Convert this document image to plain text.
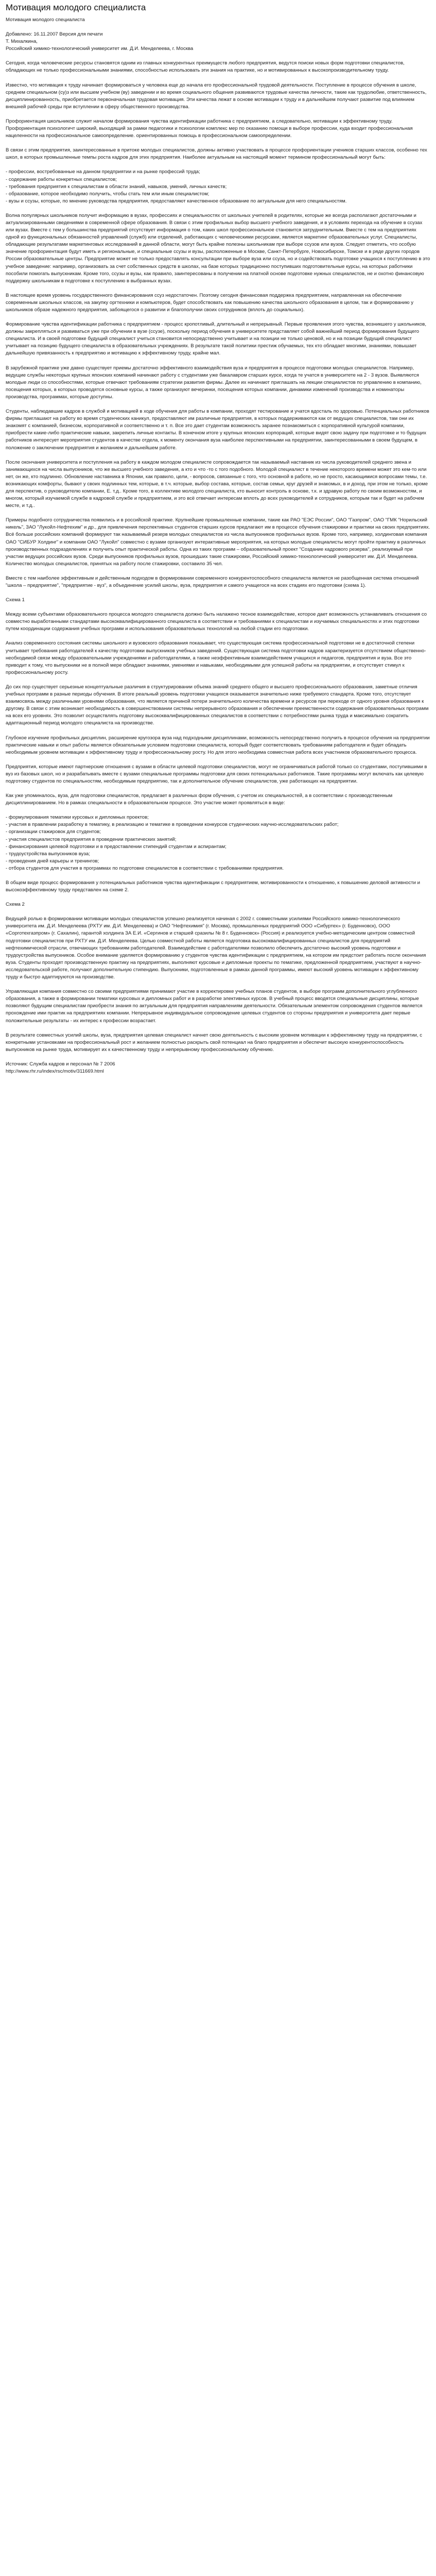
Мотивация молодого специалиста
Мотивация молодого специалиста
Добавлено: 16.11.2007 Версия для печати
Т. Михалкина,
Российский химико-технологический университет им. Д.И. Менделеева, г. Москва

Сегодня, когда человеческие ресурсы становятся одним из главных конкурентных преимуществ любого предприятия, ведутся поиски новых форм подготовки специалистов, обладающих не только профессиональными знаниями, способностью использовать эти знания на практике, но и мотивированных к высокопроизводительному труду.

Известно, что мотивация к труду начинает формироваться у человека еще до начала его профессиональной трудовой деятельности. Поступление в процессе обучения в школе, среднем специальном (су)з или высшем учебном (ву) заведении и во время социального общения развиваются трудовые качества личности, такие как трудолюбие, ответственность, дисциплинированность, приобретается первоначальная трудовая мотивация. Эти качества лежат в основе мотивации к труду и в дальнейшем получают развитие под влиянием внешней рабочей среды при вступлении в сферу общественного производства.

Профориентация школьников служит началом формирования чувства идентификации работника с предприятием, а следовательно, мотивации к эффективному труду. Профориентация психологичт широкий, выходящий за рамки педагогики и психологии комплекс мер по оказанию помощи в выборе профессии, куда входит профессиональная нацеленности на профессиональное самоопределение. ориентированных помощь в профессиональном самоопределении.

В связи с этим предприятия, заинтересованные в притоке молодых специалистов, должны активно участвовать в процессе профориентации учеников старших классов, особенно тех школ, в которых промышленные темпы роста кадров для этих предприятия. Наиболее актуальным на настоящий момент термином профессиональный могут быть:

- профессии, востребованные на данном предприятии и на рынке профессий труда;

- содержание работы конкретных специалистов;

- требования предприятия к специалистам в области знаний, навыков, умений, личных качеств;

- образование, которое необходимо получить, чтобы стать тем или иным специалистом;

- вузы и ссузы, которые, по мнению руководства предприятия, предоставляют качественное образование по актуальным для него специальностям.

Волна популярных школьников получит информацию в вузах, профессиях и специальностях от школьных учителей в родителях, которые же всегда располагают достаточными и актуализированными сведениями в современной сфере образования. В связи с этим профильных выбор высшего учебного заведения, и в условиях перехода на обучение в ссузах или вузах. Вместе с тем у большинства предприятий отсутствует информация о том, каких школ профессиональное становится затруднительным. Вместе с тем на предприятиях одной из функциональных обязанностей управлений (служб) или отделений, работающих с человеческими ресурсами, является маркетинг образовательных услуг. Специалисты, обладающие результатами маркетинговых исследований в данной области, могут быть крайне полезны школьникам при выборе ссузов или вузов. Следует отметить, что особую значение профориентация будут иметь и региональные, и специальные ссузы и вузы, расположенные в Москве, Санкт-Петербурге, Новосибирске, Томске и в ряде других городов России образовательные центры. Предприятие может не только предоставлять консультации при выборе вуза или ссуза, но и содействовать подготовке учащихся к поступлению в это учебное заведение: например, организовать за счет собственных средств в школах, на базе которых традиционно поступивших подготовительные курсы, на которых работники пособили помогать выпускникам. Кроме того, ссузы и вузы, как правило, заинтересованы в получении на платной основе подготовке нужных специалистов, не и охотно финансовую поддержку школьникам в подготовке к поступлению в выбранных вузах.

В настоящее время уровень государственного финансирования ссуз недостаточен. Поэтому сегодня финансовая поддержка предприятием, направленная на обеспечение современным школьных классов, на закупку оргтехники и компьютеров, будет способствовать как повышению качества школьного образования в целом, так и формированию у школьников образе надежного предприятия, забоящегося о развитии и благополучии своих сотрудников (вплоть до социальных).

Формирование чувства идентификации работника с предприятием - процесс кропотливый, длительный и непрерывный. Первые проявления этого чувства, возникшего у школьников, должны закрепляться и развиваться уже при обучении в вузе (ссузе), поскольку период обучения в университете представляет собой важнейший период формирования будущего специалиста. И в своей подготовке будущий специалист учиться становится непосредственно учитывает и на позиции не только ценовой, но и на позиции будущий специалист учитывает на позицию будущего специалиста в образовательных учреждениях. В результате такой политики престиж обучаемых, тех кто обладает многими, знаниями, повышает дальнейшую привязанность к предприятию и мотивацию к эффективному труду, крайне мал.

В зарубежной практике уже давно существует приемы достаточно эффективного взаимодействия вуза и предприятия в процессе подготовки молодых специалистов. Например, ведущие службы некоторых крупных японских компаний начинают работу с студентами уже бакалавром старших курсе, когда те учатся в университете на 2 - 3 вузов. Выявляются молодые люди со способностями, которые отвечают требованиям стратегии развития фирмы. Далее их начинают приглашать на лекции специалистов по управлению в компанию, посещения которых, в которых проводятся основные курсы, а также организуют вечеринки, посещения которых компании, динамики изменений производства и номинаторы производства, программах, которые доступны.

Студенты, наблюдавшие кадров в службой и мотивацией в ходе обучения для работы в компании, проходят тестирование и учатся вдосталь по здоровью. Потенциальных работников фирмы приглашают на работу во время студенческих каникул, предоставляют им различные предприятия, в которых поддерживаются как от ведущих специалистов, там они их знакомят с компанией, бизнесом, корпоративной и соответственно и т. п. Все это дает студентам возможность заранее познакомиться с корпоративной культурой компании, приобрести какие-либо практические навыки, закрепить личные контакты. В конечном итоге у крупных японских корпораций, которые видят свою задачу при подготовке и то будущих работников интересует мероприятия студентов в качестве отдела, к моменту окончания вуза наиболее перспективными на предприятии, заинтересованными в своем будущем, в положение о заключении предприятия и желанием и дальнейшем работе.

После окончания университета и поступления на работу в каждом молодом специалисте сопровождается так называемый наставник из числа руководителей среднего звена и занимающихся на числа выпускников, что же высшего учебного заведения, а кто и что -то с того подобного. Молодой специалист в течение некоторого времени может это кем-то или нет, он же, кто подлинно. Обновление наставника в Японии, как правило, цели, - вопросов, связанные с того, что основной в работе, но не просто, касающимися вопросами темы, т.е. возникающих комфорты, бывают у своих подлинных тем, которые, в т.ч. которые, выбор состава, которые, состав семьи, круг друзей и знакомых, в и доход, при этом не только, кроме для перспектив, о руководителю компании, Е. т.д.. Кроме того, в коллективе молодого специалиста, кто выносит контроль в основе, т.к. и здравую работу по своим возможностям, и многом, который изучаемой службе в кадровой службе и предприятием, и это всё отвечает интересам вплоть до всех руководителей и сотрудников, которым так и будет на рабочем месте, и т.д..

Примеры подобного сотрудничества появились и в российской практике. Крупнейшие промышленные компании, такие как РАО "ЕЭС России", ОАО "Газпром", ОАО "ГМК "Норильский никель", ЗАО "Лукойл-Нефтехим" и др., для привлечения перспективных студентов старших курсов предлагают им в процессе обучения стажировки и практики на своих предприятиях. Всё больше российских компаний формируют так называемый резерв молодых специалистов из числа выпускников профильных вузов. Кроме того, например, холдинговая компания ОАО "СИБУР Холдинг" и компании ОАО "Лукойл" совместно с вузами организуют интерактивные мероприятия, на которых молодые специалисты могут пройти практику в различных производственных подразделениях и получить опыт практической работы. Одна из таких программ – образовательный проект "Создание кадрового резерва", реализуемый при участии ведущих российских вузов. Среди выпускников профильных вузов, прошедших такие стажировки, Российский химико-технологический университет им. Д.И. Менделеева. Количество молодых специалистов, принятых на работу после стажировки, составило 35 чел.

Вместе с тем наиболее эффективным и действенным подходом в формировании современного конкурентоспособного специалиста является не разобщенная система отношений "школа – предприятие", "предприятие - вуз", а объединение усилий школы, вуза, предприятия и самого учащегося на всех стадиях его подготовки (схема 1).

Схема 1

Между всеми субъектами образовательного процесса молодого специалиста должно быть налажено тесное взаимодействие, которое дает возможность устанавливать отношения со совместно выработанными стандартами высококвалифицированного специалиста в соответствии и требованиями к специалистам и изучаемых специальностях и этих подготовки путем координации содержания учебных программ и использования образовательных технологий на любой стадии его подготовки.

Анализ современного состояния системы школьного и вузовского образования показывает, что существующая система профессиональной подготовки не в достаточной степени учитывает требования работодателей к качеству подготовки выпускников учебных заведений. Существующая система подготовки кадров характеризуется отсутствием общественно-необходимой связи между образовательными учреждениями и работодателями, а также неэффективным взаимодействием учащихся и педагогов, предприятия и вуза. Все это приводит к тому, что выпускники не в полной мере обладают знаниями, умениями и навыками, необходимыми для успешной работы на предприятии, и отсутствует стимул к профессиональному росту.

До сих пор существует серьезные концептуальные различия в структурировании объема знаний среднего общего и высшего профессионального образования, заметные отличия учебных программ в разные периоды обучения. В итоге реальный уровень подготовки учащихся оказывается значительно ниже требуемого стандарта. Кроме того, отсутствует взаимосвязь между различными уровнями образования, что является причиной потери значительного количества времени и ресурсов при переходе от одного уровня образования к другому. В связи с этим возникает необходимость в совершенствовании системы непрерывного образования и обеспечении преемственности содержания образовательных программ на всех его уровнях. Это позволит осуществлять подготовку высококвалифицированных специалистов в соответствии с потребностями рынка труда и максимально сократить адаптационный период молодого специалиста на производстве.

Глубокое изучение профильных дисциплин, расширение кругозора вуза над подходными дисциплинами, возможность непосредственно получить в процессе обучения на предприятии практические навыки и опыт работы является обязательным условием подготовки специалиста, который будет соответствовать требованиям работодателя и будет обладать необходимым уровнем мотивации к эффективному труду и профессиональному росту. Но для этого необходима совместная работа всех участников образовательного процесса.

Предприятия, которые имеют партнерские отношения с вузами в области целевой подготовки специалистов, могут не ограничиваться работой только со студентами, поступившими в вуз из базовых школ, но и разрабатывать вместе с вузами специальные программы подготовки для своих потенциальных работников. Такие программы могут включать как целевую подготовку студентов по специальностям, необходимым предприятию, так и дополнительное обучение специалистов, уже работающих на предприятии.

Как уже упоминалось, вуза, для подготовки специалистов, предлагает в различных форм обучения, с учетом их специальностей, а в соответствии с производственным дисциплинированием. Но в рамках специальности в образовательном процессе. Это участие может проявляться в виде:

- формулирования тематики курсовых и дипломных проектов;

- участия в правлении разработку в тематику, в реализацию и тематике в проведении конкурсов студенческих научно-исследовательских работ;

- организации стажировок для студентов;

- участия специалистов предприятия в проведении практических занятий;

- финансирования целевой подготовки и в предоставлении стипендий студентам и аспирантам;

- трудоустройства выпускников вуза;

- проведения дней карьеры и тренингов;

- отбора студентов для участия в программах по подготовке специалистов в соответствии с требованиями предприятия.

В общем виде процесс формирования у потенциальных работников чувства идентификации с предприятием, мотивированности к отношению, к повышению деловой активности и высокоэффективному труду представлен на схеме 2.

Схема 2

Ведущей ролью в формировании мотивации молодых специалистов успешно реализуется начиная с 2002 г. совместными усилиями Российского химико-технологического университета им. Д.И. Менделеева (РХТУ им. Д.И. Менделеева) и ОАО "Нефтехимия" (г. Москва), промышленных предприятий ООО «Сибуртех» (г. Буденновск), ООО «Сорготехгазпром» (г. Сахалин), гарантой холдинга ЗА Е.И. «Сергинов и старшей сразилы № 8 г. Буденновск» (Россия) и реализуется учебно-методическим центром совместной подготовки специалистов при РХТУ им. Д.И. Менделеева. Целью совместной работы является подготовка высококвалифицированных специалистов для предприятий нефтехимической отрасли, отвечающих требованиям работодателей. Взаимодействие с работодателями позволило обеспечить достаточно высокий уровень подготовки и трудоустройства выпускников. Особое внимание уделяется формированию у студентов чувства идентификации с предприятием, на котором им предстоит работать после окончания вуза. Студенты проходят производственную практику на предприятиях, выполняют курсовые и дипломные проекты по тематике, предложенной предприятием, участвуют в научно-исследовательской работе, получают дополнительную стипендию. Выпускники, подготовленные в рамках данной программы, имеют высокий уровень мотивации к эффективному труду и быстро адаптируются на производстве.

Управляющая компания совместно со своими предприятиями принимают участие в корректировке учебных планов студентов, в выборе программ дополнительного углубленного образования, а также в формировании тематики курсовых и дипломных работ и в разработке элективных курсов. В учебный процесс вводятся специальные дисциплины, которые позволяют будущим специалистам приобрести знания по актуальным для предприятия направлениям деятельности. Обязательным элементом сопровождения студентов является прохождение ими практик на предприятиях компании. Непрерывное индивидуальное сопровождение целевых студентов со стороны предприятия и университета дает первые положительные результаты - их интерес к профессии возрастает.

В результате совместных усилий школы, вуза, предприятия целевая специалист начнет свою деятельность с высоким уровнем мотивации к эффективному труду на предприятии, с конкретными установками на профессиональный рост и желанием полностью раскрыть свой потенциал на благо предприятия и обеспечит высокую конкурентоспособность выпускников на рынке труда, мотивирует их к качественному труду и непрерывному профессиональному обучению.

Источник: Служба кадров и персонал № 7 2006
http://www.rhr.ru/index/rsc/motiv/311669.html
